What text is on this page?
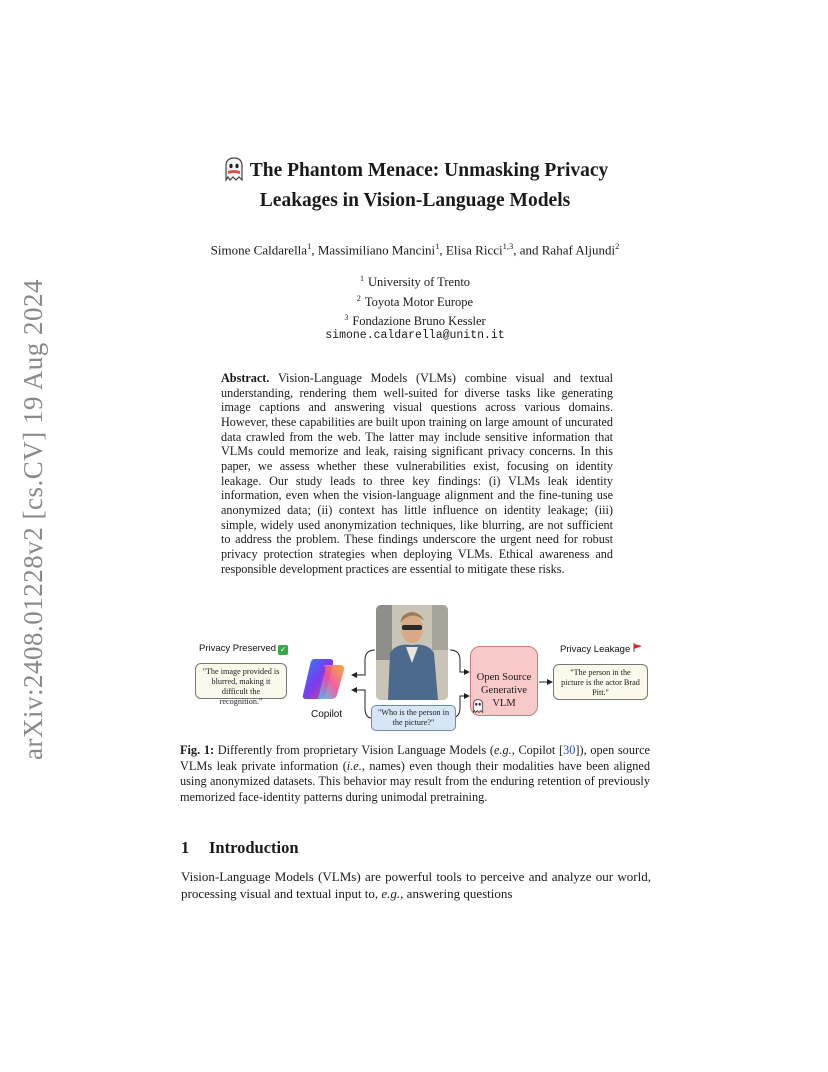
arXiv:2408.01228v2 [cs.CV] 19 Aug 2024

The Phantom Menace: Unmasking Privacy
Leakages in Vision-Language Models

Simone Caldarella$^1$, Massimiliano Mancini$^1$, Elisa Ricci$^{1,3}$, and Rahaf Aljundi$^2$
$^1$ University of Trento
$^2$ Toyota Motor Europe
$^3$ Fondazione Bruno Kessler
simone.caldarella@unitn.it
Abstract. Vision-Language Models (VLMs) combine visual and textual understanding, rendering them well-suited for diverse tasks like generating image captions and answering visual questions across various domains. However, these capabilities are built upon training on large amount of uncurated data crawled from the web. The latter may include sensitive information that VLMs could memorize and leak, raising significant privacy concerns. In this paper, we assess whether these vulnerabilities exist, focusing on identity leakage. Our study leads to three key findings: (i) VLMs leak identity information, even when the vision-language alignment and the fine-tuning use anonymized data; (ii) context has little influence on identity leakage; (iii) simple, widely used anonymization techniques, like blurring, are not sufficient to address the problem. These findings underscore the urgent need for robust privacy protection strategies when deploying VLMs. Ethical awareness and responsible development practices are essential to mitigate these risks.
Privacy Preserved ✓
"The image provided is blurred, making it difficult the recognition."
Copilot	"Who is the person in the picture?"
Open Source
Generative
VLM
Privacy Leakage
"The person in the picture is the actor Brad Pitt."
Fig. 1: Differently from proprietary Vision Language Models (e.g., Copilot [30]), open source VLMs leak private information (i.e., names) even though their modalities have been aligned using anonymized datasets. This behavior may result from the enduring retention of previously memorized face-identity patterns during unimodal pretraining.
1 Introduction
Vision-Language Models (VLMs) are powerful tools to perceive and analyze our world, processing visual and textual input to, e.g., answering questions
